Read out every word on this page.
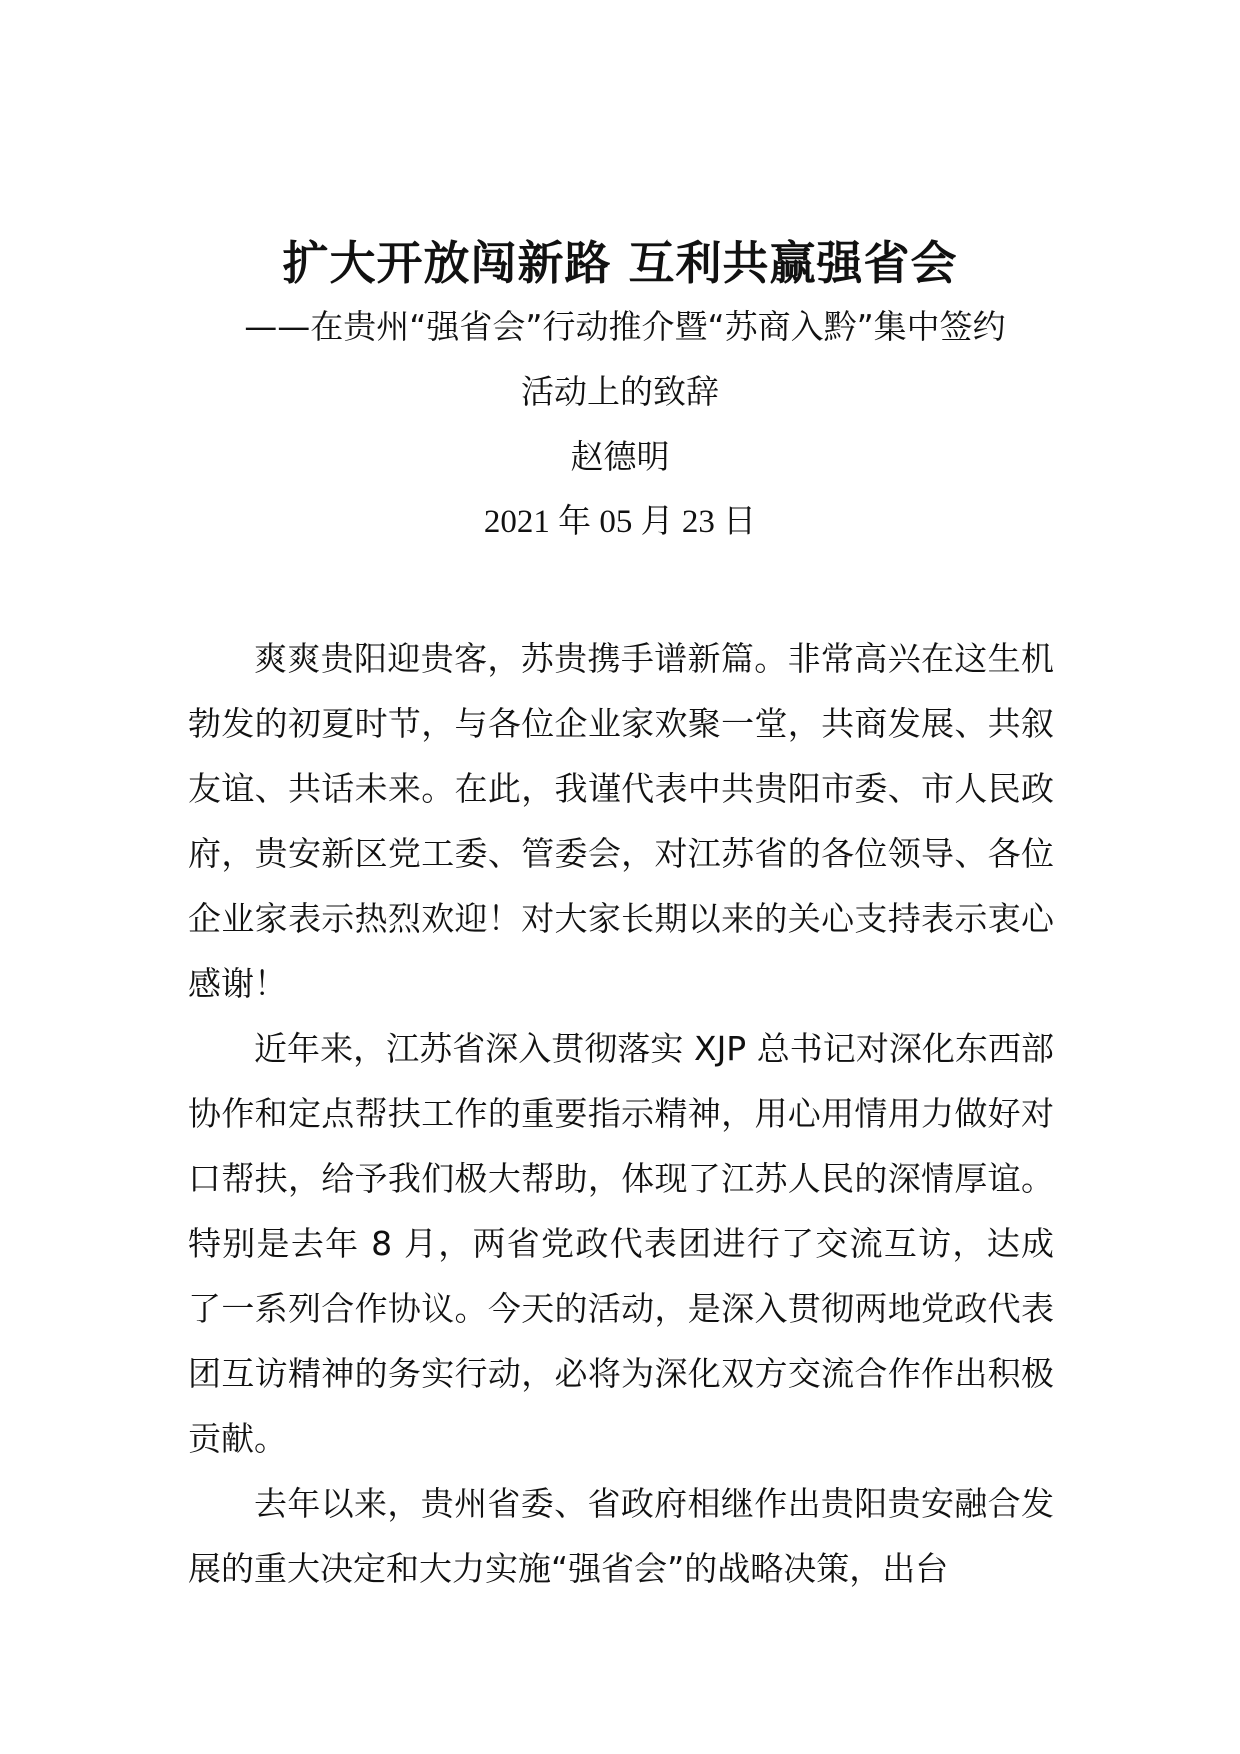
扩大开放闯新路 互利共赢强省会
——在贵州“强省会”行动推介暨“苏商入黔”集中签约
活动上的致辞
赵德明
2021 年 05 月 23 日

爽爽贵阳迎贵客，苏贵携手谱新篇。非常高兴在这生机勃发的初夏时节，与各位企业家欢聚一堂，共商发展、共叙友谊、共话未来。在此，我谨代表中共贵阳市委、市人民政府，贵安新区党工委、管委会，对江苏省的各位领导、各位企业家表示热烈欢迎！对大家长期以来的关心支持表示衷心感谢！

近年来，江苏省深入贯彻落实 XJP 总书记对深化东西部协作和定点帮扶工作的重要指示精神，用心用情用力做好对口帮扶，给予我们极大帮助，体现了江苏人民的深情厚谊。特别是去年 8 月，两省党政代表团进行了交流互访，达成了一系列合作协议。今天的活动，是深入贯彻两地党政代表团互访精神的务实行动，必将为深化双方交流合作作出积极贡献。

去年以来，贵州省委、省政府相继作出贵阳贵安融合发展的重大决定和大力实施“强省会”的战略决策，出台
